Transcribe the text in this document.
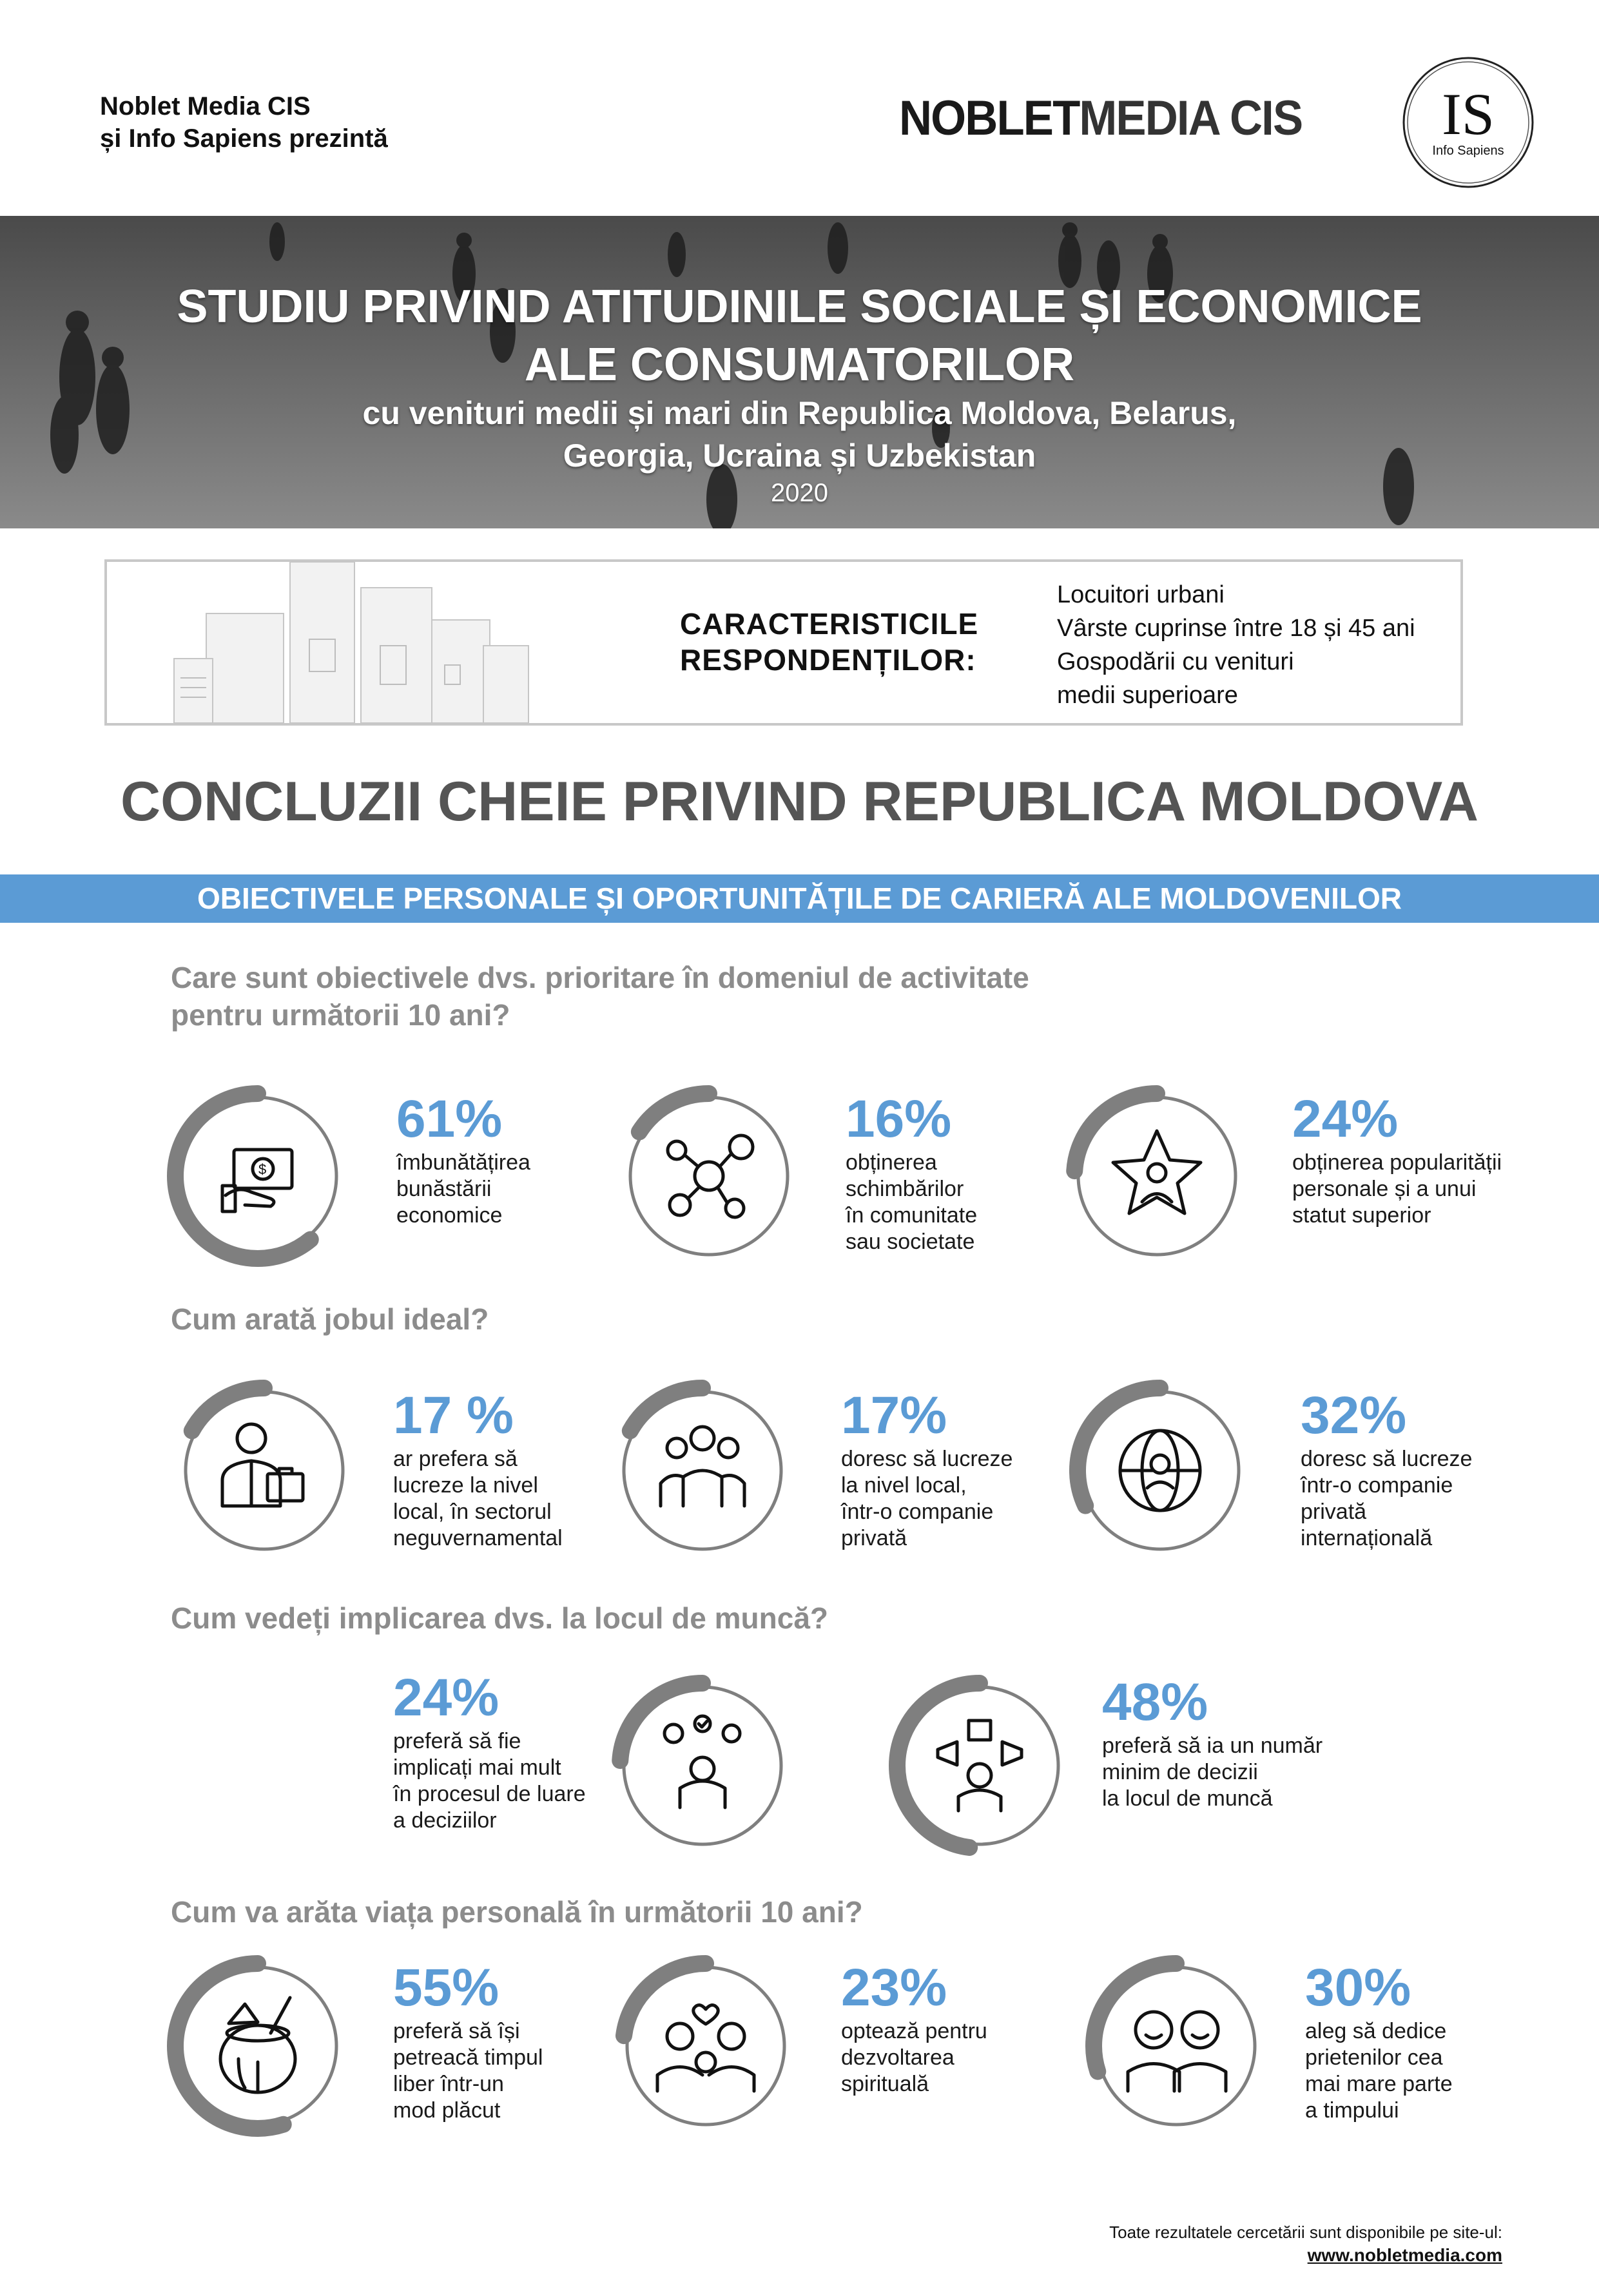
Noblet Media CIS
și Info Sapiens prezintă	NOBLETMEDIA CIS IS
Info Sapiens
STUDIU PRIVIND ATITUDINILE SOCIALE ȘI ECONOMICE
ALE CONSUMATORILOR
cu venituri medii și mari din Republica Moldova, Belarus,
Georgia, Ucraina și Uzbekistan
2020
CARACTERISTICILE
RESPONDENȚILOR:
Locuitori urbani
Vârste cuprinse între 18 și 45 ani
Gospodării cu venituri
medii superioare
CONCLUZII CHEIE PRIVIND REPUBLICA MOLDOVA
OBIECTIVELE PERSONALE ȘI OPORTUNITĂȚILE DE CARIERĂ ALE MOLDOVENILOR
Care sunt obiectivele dvs. prioritare în domeniul de activitate
pentru următorii 10 ani?
Cum arată jobul ideal?
Cum vedeți implicarea dvs. la locul de muncă?
Cum va arăta viața personală în următorii 10 ani?
$
61%
îmbunătățirea
bunăstării
economice
16%
obținerea
schimbărilor
în comunitate
sau societate
24%
obținerea popularității
personale și a unui
statut superior
17 %
ar prefera să
lucreze la nivel
local, în sectorul
neguvernamental
17%
doresc să lucreze
la nivel local,
într-o companie
privată
32%
doresc să lucreze
într-o companie
privată
internațională
24%
preferă să fie
implicați mai mult
în procesul de luare
a deciziilor
48%
preferă să ia un număr
minim de decizii
la locul de muncă
55%
preferă să își
petreacă timpul
liber într-un
mod plăcut
23%
optează pentru
dezvoltarea
spirituală
30%
aleg să dedice
prietenilor cea
mai mare parte
a timpului
Toate rezultatele cercetării sunt disponibile pe site-ul:
www.nobletmedia.com
